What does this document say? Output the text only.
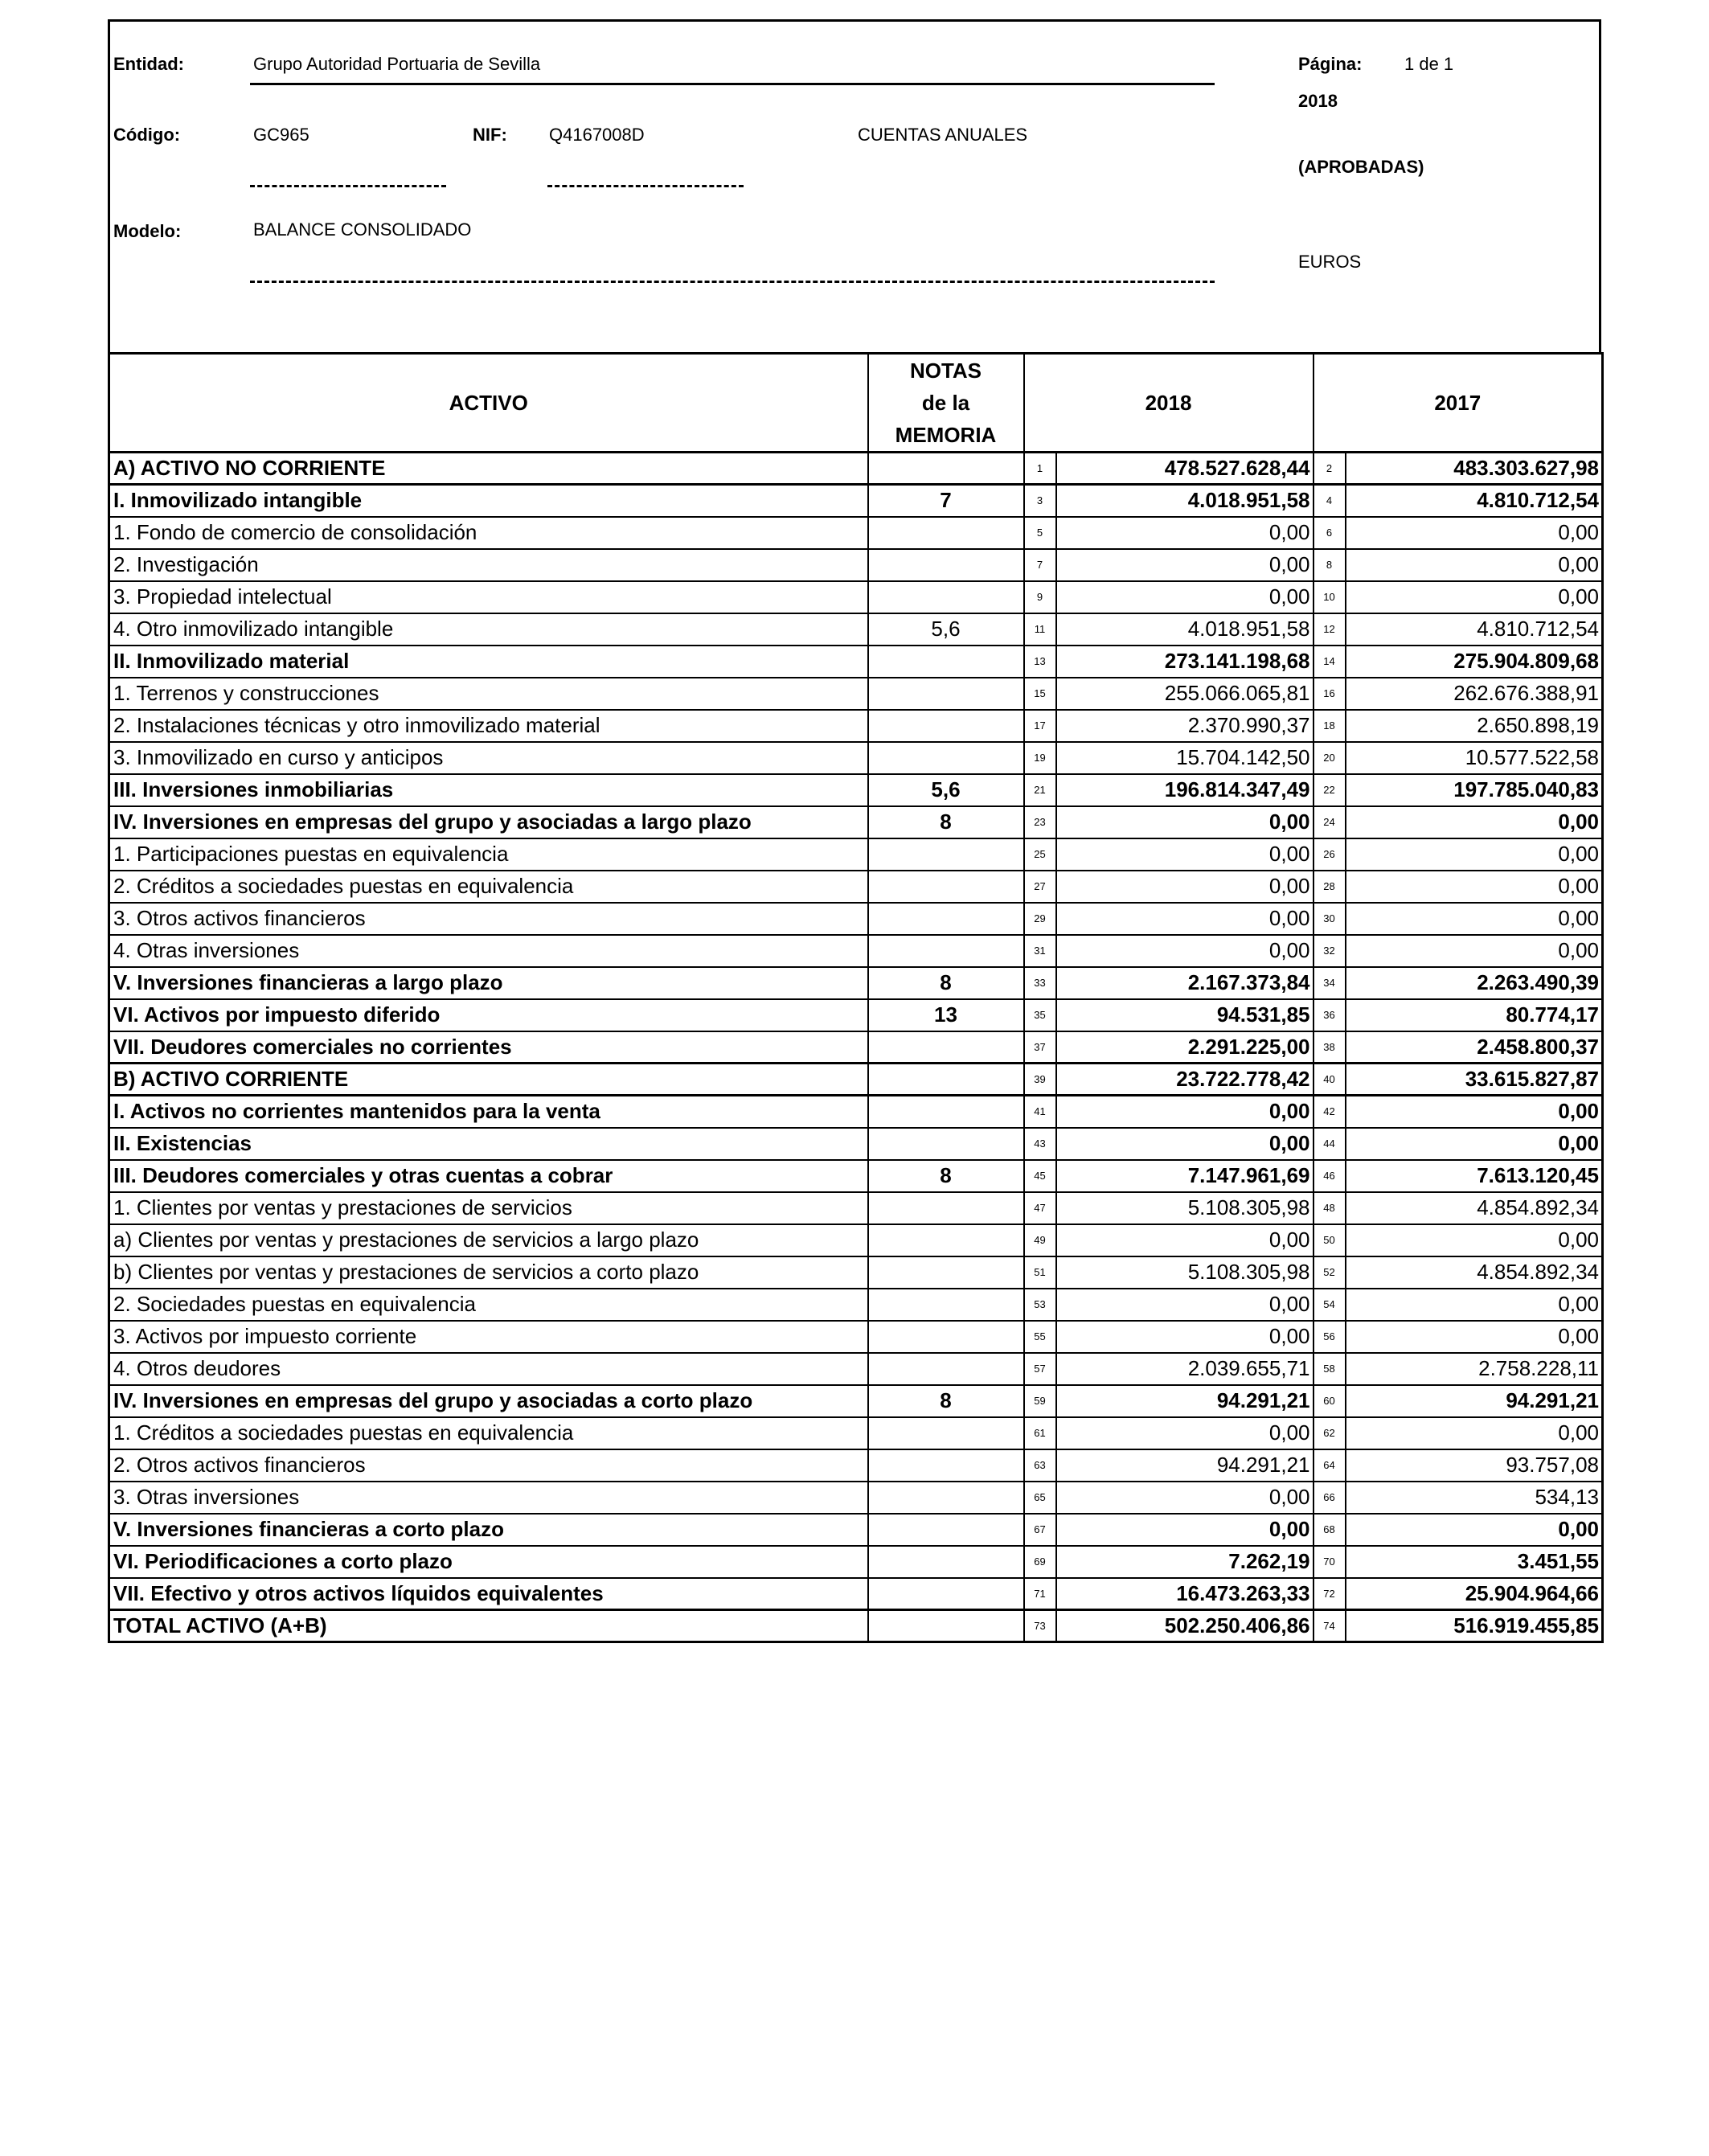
Entidad:	Grupo Autoridad Portuaria de Sevilla	Página: 1 de 1
2018
Código:	GC965	NIF: Q4167008D	CUENTAS ANUALES
(APROBADAS)
Modelo:	BALANCE CONSOLIDADO
EUROS
ACTIVO	NOTAS
de la
MEMORIA	2018		2017	
A) ACTIVO NO CORRIENTE		1	478.527.628,44	2	483.303.627,98
I. Inmovilizado intangible	7	3	4.018.951,58	4	4.810.712,54
1. Fondo de comercio de consolidación		5	0,00	6	0,00
2. Investigación		7	0,00	8	0,00
3. Propiedad intelectual		9	0,00	10	0,00
4. Otro inmovilizado intangible	5,6	11	4.018.951,58	12	4.810.712,54
II. Inmovilizado material		13	273.141.198,68	14	275.904.809,68
1. Terrenos y construcciones		15	255.066.065,81	16	262.676.388,91
2. Instalaciones técnicas y otro inmovilizado material		17	2.370.990,37	18	2.650.898,19
3. Inmovilizado en curso y anticipos		19	15.704.142,50	20	10.577.522,58
III. Inversiones inmobiliarias	5,6	21	196.814.347,49	22	197.785.040,83
IV. Inversiones en empresas del grupo y asociadas a largo plazo	8	23	0,00	24	0,00
1. Participaciones puestas en equivalencia		25	0,00	26	0,00
2. Créditos a sociedades puestas en equivalencia		27	0,00	28	0,00
3. Otros activos financieros		29	0,00	30	0,00
4. Otras inversiones		31	0,00	32	0,00
V. Inversiones financieras a largo plazo	8	33	2.167.373,84	34	2.263.490,39
VI. Activos por impuesto diferido	13	35	94.531,85	36	80.774,17
VII. Deudores comerciales no corrientes		37	2.291.225,00	38	2.458.800,37
B) ACTIVO CORRIENTE		39	23.722.778,42	40	33.615.827,87
I. Activos no corrientes mantenidos para la venta		41	0,00	42	0,00
II. Existencias		43	0,00	44	0,00
III. Deudores comerciales y otras cuentas a cobrar	8	45	7.147.961,69	46	7.613.120,45
1. Clientes por ventas y prestaciones de servicios		47	5.108.305,98	48	4.854.892,34
a) Clientes por ventas y prestaciones de servicios a largo plazo		49	0,00	50	0,00
b) Clientes por ventas y prestaciones de servicios a corto plazo		51	5.108.305,98	52	4.854.892,34
2. Sociedades puestas en equivalencia		53	0,00	54	0,00
3. Activos por impuesto corriente		55	0,00	56	0,00
4. Otros deudores		57	2.039.655,71	58	2.758.228,11
IV. Inversiones en empresas del grupo y asociadas a corto plazo	8	59	94.291,21	60	94.291,21
1. Créditos a sociedades puestas en equivalencia		61	0,00	62	0,00
2. Otros activos financieros		63	94.291,21	64	93.757,08
3. Otras inversiones		65	0,00	66	534,13
V. Inversiones financieras a corto plazo		67	0,00	68	0,00
VI. Periodificaciones a corto plazo		69	7.262,19	70	3.451,55
VII. Efectivo y otros activos líquidos equivalentes		71	16.473.263,33	72	25.904.964,66
TOTAL ACTIVO (A+B)		73	502.250.406,86	74	516.919.455,85
